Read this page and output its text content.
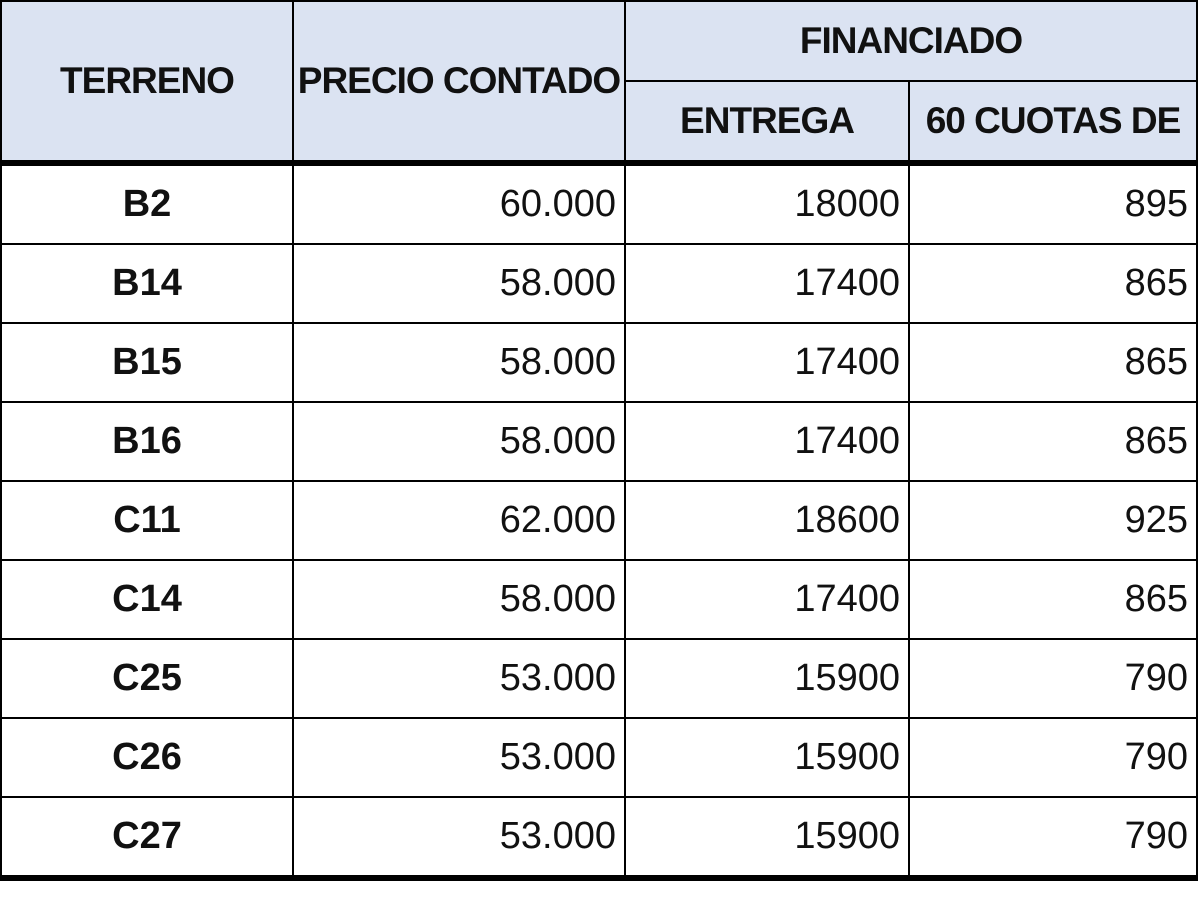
TERRENO	PRECIO CONTADO	FINANCIADO	
		ENTREGA	60 CUOTAS DE
B2	60.000	18000	895
B14	58.000	17400	865
B15	58.000	17400	865
B16	58.000	17400	865
C11	62.000	18600	925
C14	58.000	17400	865
C25	53.000	15900	790
C26	53.000	15900	790
C27	53.000	15900	790
